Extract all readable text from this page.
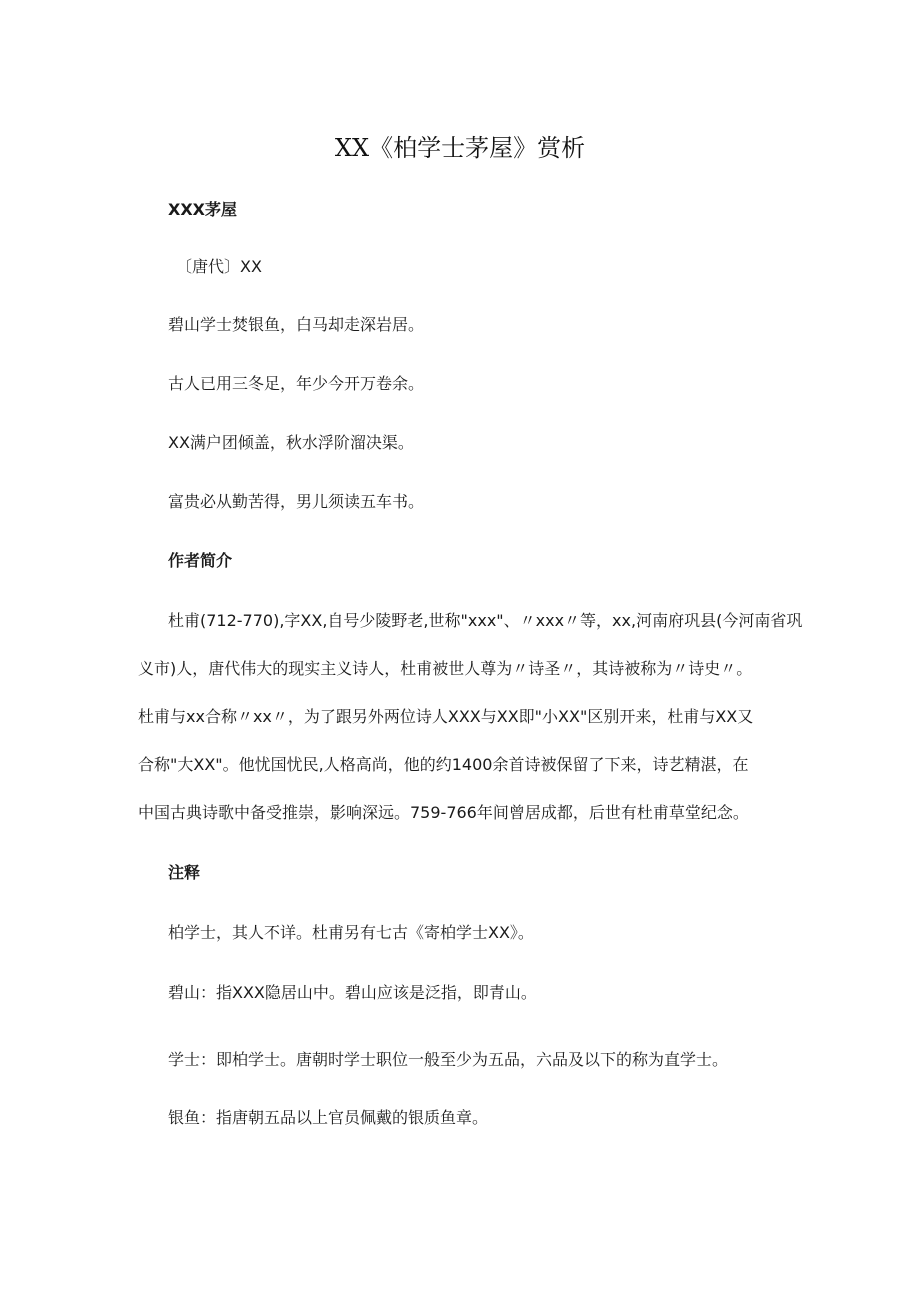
XX《柏学士茅屋》赏析
XXX茅屋
〔唐代〕XX
碧山学士焚银鱼，白马却走深岩居。
古人已用三冬足，年少今开万卷余。
XX满户团倾盖，秋水浮阶溜决渠。
富贵必从勤苦得，男儿须读五车书。
作者简介
杜甫(712-770),字XX,自号少陵野老,世称"xxx"、〃xxx〃等，xx,河南府巩县(今河南省巩
义市)人，唐代伟大的现实主义诗人，杜甫被世人尊为〃诗圣〃，其诗被称为〃诗史〃。
杜甫与xx合称〃xx〃，为了跟另外两位诗人XXX与XX即"小XX"区别开来，杜甫与XX又
合称"大XX"。他忧国忧民,人格高尚，他的约1400余首诗被保留了下来，诗艺精湛，在
中国古典诗歌中备受推崇，影响深远。759-766年间曾居成都，后世有杜甫草堂纪念。
注释
柏学士，其人不详。杜甫另有七古《寄柏学士XX》。
碧山：指XXX隐居山中。碧山应该是泛指，即青山。
学士：即柏学士。唐朝时学士职位一般至少为五品，六品及以下的称为直学士。
银鱼：指唐朝五品以上官员佩戴的银质鱼章。
